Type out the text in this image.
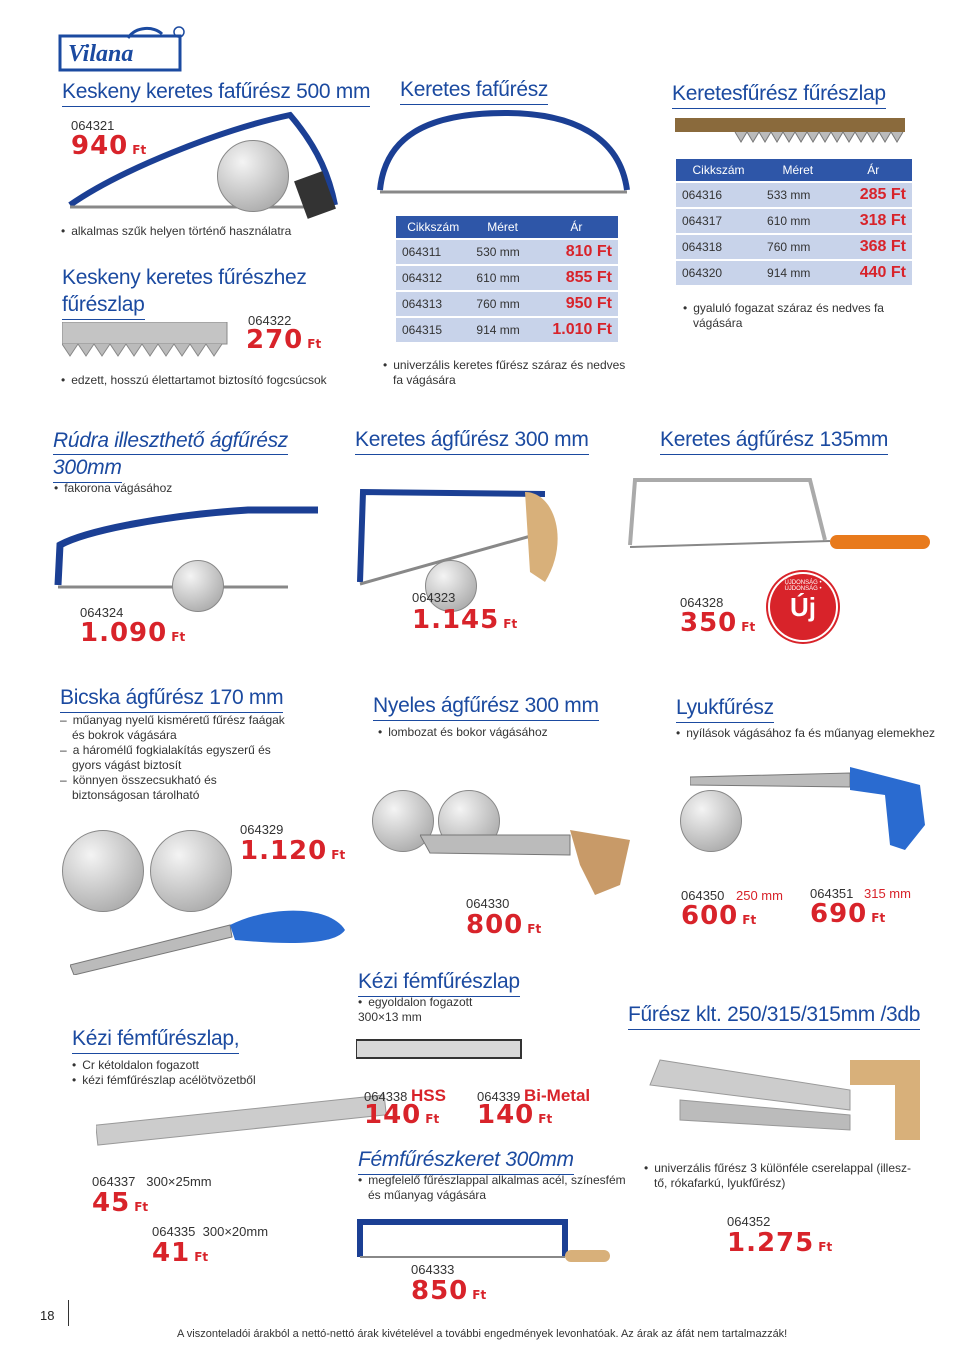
Vilana
Keskeny keretes fafűrész 500 mm
064321
940 Ft
• alkalmas szűk helyen történő használatra
Keskeny keretes fűrészhez
fűrészlap
064322
270 Ft
• edzett, hosszú élettartamot biztosító fogcsúcsok
Keretes fafűrész
Cikkszám	Méret	Ár
064311	530 mm	810 Ft
064312	610 mm	855 Ft
064313	760 mm	950 Ft
064315	914 mm	1.010 Ft
• univerzális keretes fűrész száraz és nedves
fa vágására
Keretesfűrész fűrészlap
Cikkszám	Méret	Ár
064316	533 mm	285 Ft
064317	610 mm	318 Ft
064318	760 mm	368 Ft
064320	914 mm	440 Ft
• gyaluló fogazat száraz és nedves fa
vágására
Rúdra illeszthető ágfűrész
300mm
• fakorona vágásához
064324
1.090 Ft
Keretes ágfűrész 300 mm
064323
1.145 Ft
Keretes ágfűrész 135mm
064328
350 Ft
ÚJDONSÁG • ÚJDONSÁG •
Új
Bicska ágfűrész 170 mm
– műanyag nyelű kisméretű fűrész faágak és bokrok vágására
– a háromélű fogkialakítás egyszerű és gyors vágást biztosít
– könnyen összecsukható és biztonságosan tárolható
064329
1.120 Ft
Nyeles ágfűrész 300 mm
• lombozat és bokor vágásához
064330
800 Ft
Lyukfűrész
• nyílások vágásához fa és műanyag elemekhez
064350 250 mm
600 Ft
064351 315 mm
690 Ft
Kézi fémfűrészlap,
• Cr kétoldalon fogazott
• kézi fémfűrészlap acélötvözetből
064337 300×25mm
45 Ft
064335 300×20mm
41 Ft
Kézi fémfűrészlap
• egyoldalon fogazott
300×13 mm
064338 HSS
140 Ft
064339 Bi-Metal
140 Ft
Fémfűrészkeret 300mm
• megfelelő fűrészlappal alkalmas acél, színesfém
és műanyag vágására
064333
850 Ft
Fűrész klt. 250/315/315mm /3db
• univerzális fűrész 3 különféle cserelappal (illesz-
tő, rókafarkú, lyukfűrész)
064352
1.275 Ft
18
A viszonteladói árakból a nettó-nettó árak kivételével a további engedmények levonhatóak. Az árak az áfát nem tartalmazzák!
